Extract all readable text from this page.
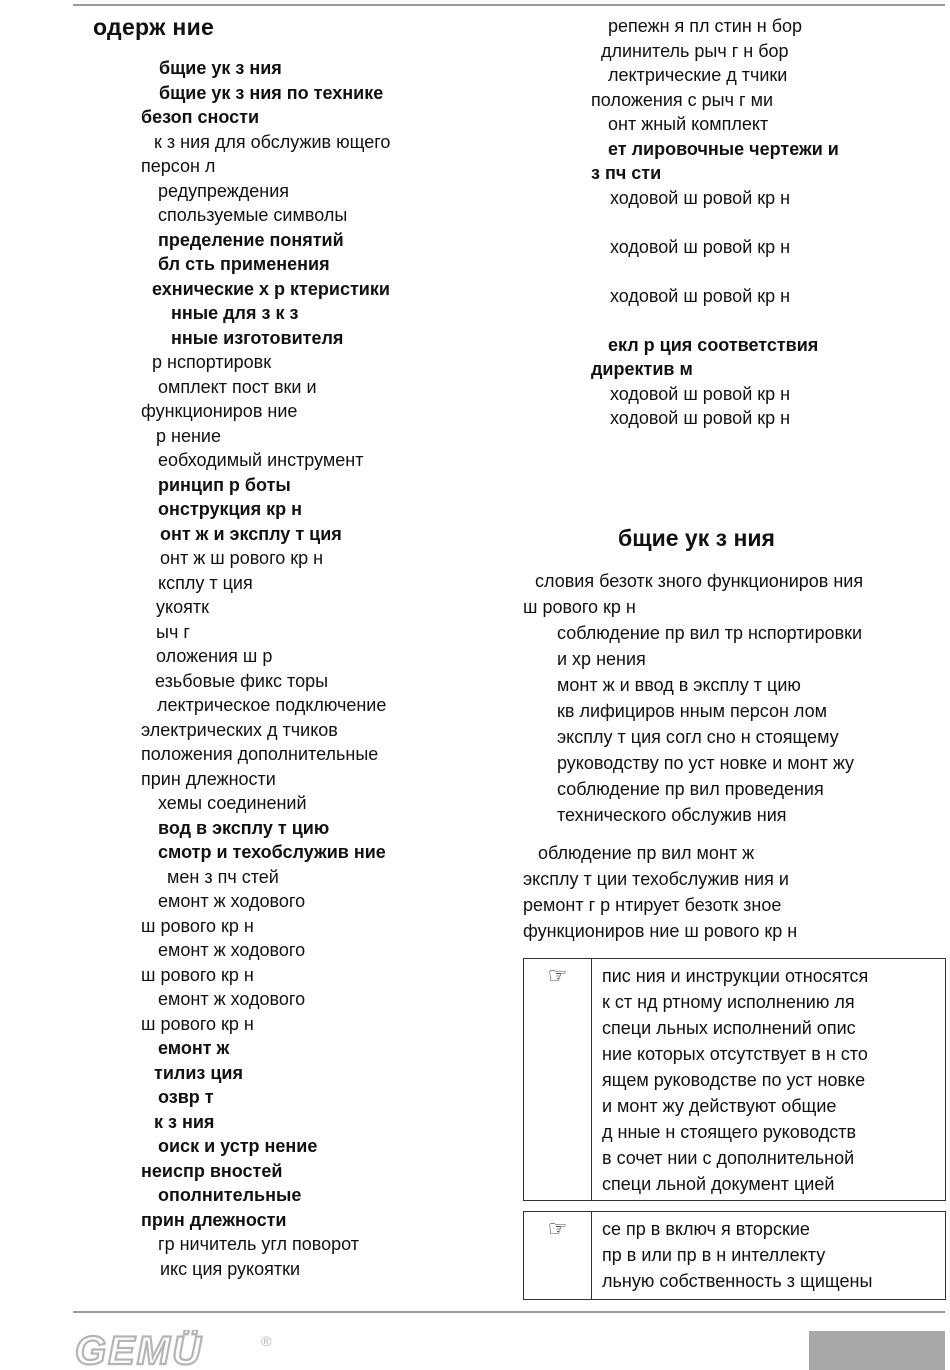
одерж ние
бщие ук з ния
бщие ук з ния по технике
безоп сности
к з ния для обслужив ющего
персон л
редупреждения
спользуемые символы
пределение понятий
бл сть применения
ехнические х р ктеристики
нные для з к з
нные изготовителя
р нспортировк
омплект пост вки и
функциониров ние
р нение
еобходимый инструмент
ринцип р боты
онструкция кр н
онт ж и эксплу т ция
онт ж ш рового кр н
ксплу т ция
укоятк
ыч г
оложения ш р
езьбовые фикс торы
лектрическое подключение
электрических д тчиков
положения дополнительные
прин длежности
хемы соединений
вод в эксплу т цию
смотр и техобслужив ние
мен з пч стей
емонт ж ходового
ш рового кр н
емонт ж ходового
ш рового кр н
емонт ж ходового
ш рового кр н
емонт ж
тилиз ция
озвр т
к з ния
оиск и устр нение
неиспр вностей
ополнительные
прин длежности
гр ничитель угл поворот
икс ция рукоятки
репежн я пл стин н бор
длинитель рыч г н бор
лектрические д тчики
положения с рыч г ми
онт жный комплект
ет лировочные чертежи и
з пч сти
ходовой ш ровой кр н

ходовой ш ровой кр н

ходовой ш ровой кр н

екл р ция соответствия
директив м
ходовой ш ровой кр н
ходовой ш ровой кр н
бщие ук з ния
словия безотк зного функциониров ния
ш рового кр н
соблюдение пр вил тр нспортировки
и хр нения
монт ж и ввод в эксплу т цию
кв лифициров нным персон лом
эксплу т ция согл сно н стоящему
руководству по уст новке и монт жу
соблюдение пр вил проведения
технического обслужив ния
облюдение пр вил монт ж
эксплу т ции техобслужив ния и
ремонт г р нтирует безотк зное
функциониров ние ш рового кр н
☞	пис ния и инструкции относятся
к ст нд ртному исполнению ля
специ льных исполнений опис
ние которых отсутствует в н сто
ящем руководстве по уст новке
и монт жу действуют общие
д нные н стоящего руководств
в сочет нии с дополнительной
специ льной документ цией
☞	се пр в включ я вторские
пр в или пр в н интеллекту
льную собственность з щищены
GEMÜ	®
